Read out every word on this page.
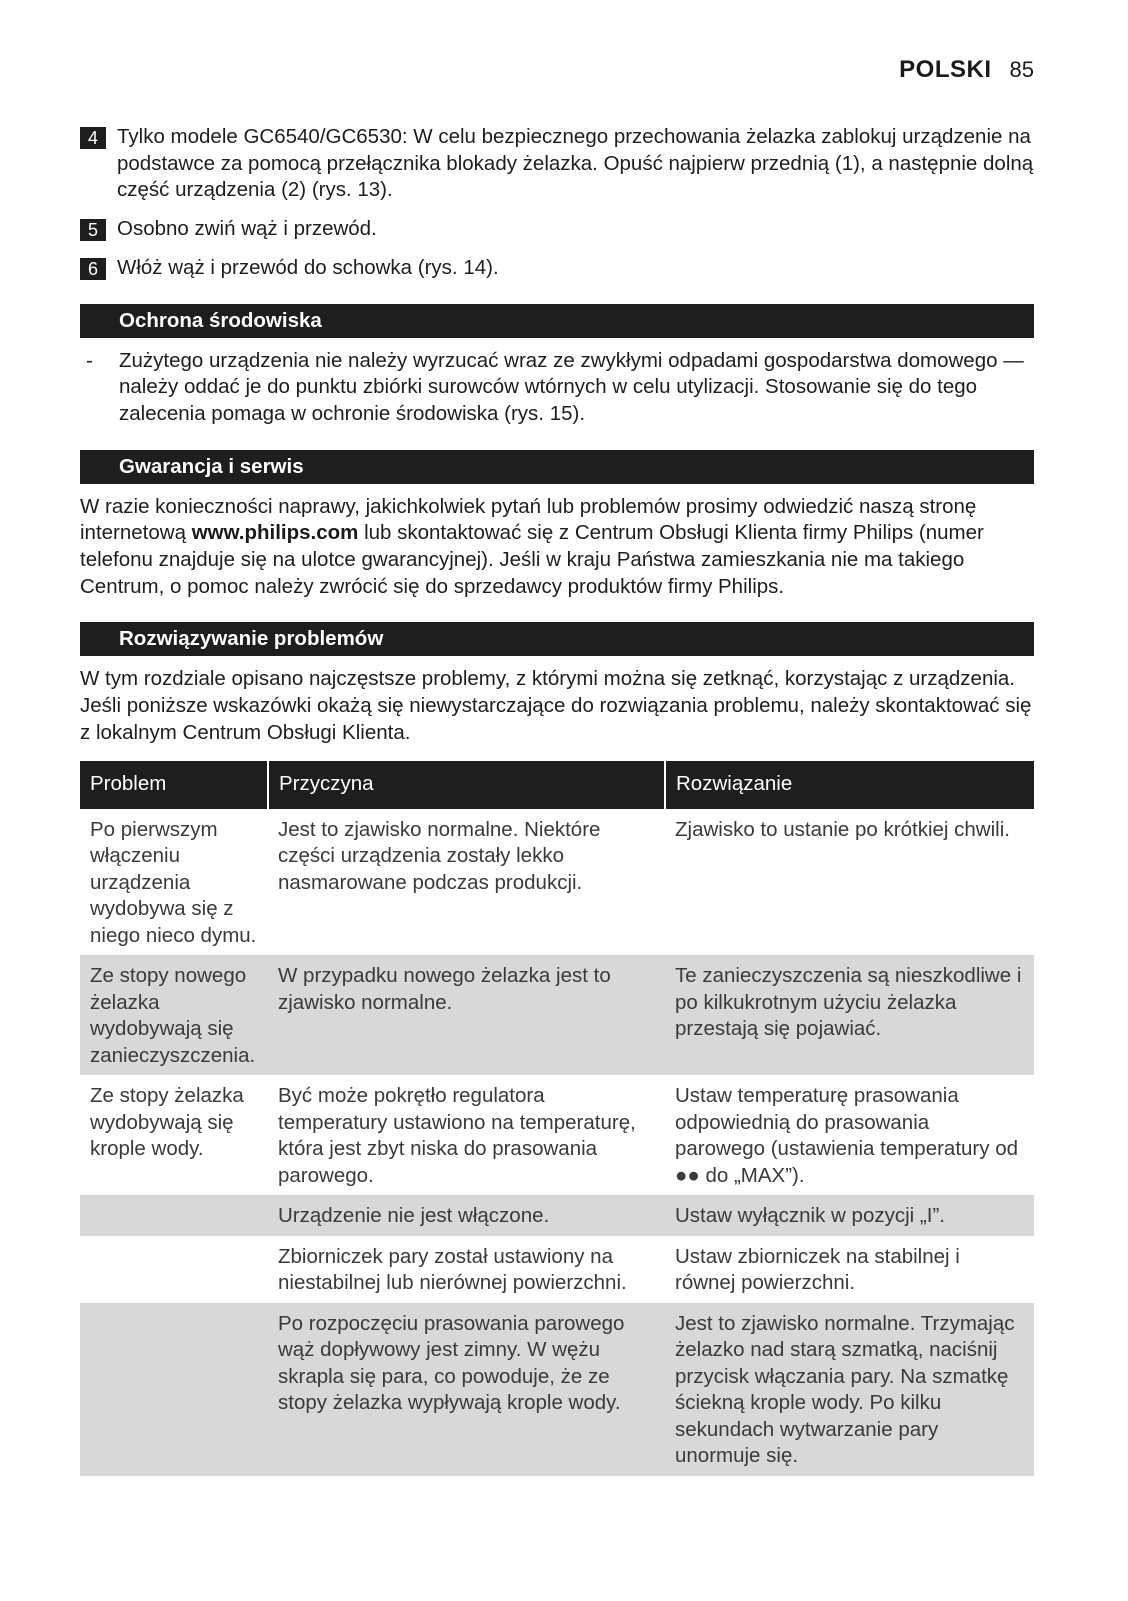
POLSKI 85
4 Tylko modele GC6540/GC6530: W celu bezpiecznego przechowania żelazka zablokuj urządzenie na podstawce za pomocą przełącznika blokady żelazka. Opuść najpierw przednią (1), a następnie dolną część urządzenia (2) (rys. 13).
5 Osobno zwiń wąż i przewód.
6 Włóż wąż i przewód do schowka (rys. 14).
Ochrona środowiska
-	Zużytego urządzenia nie należy wyrzucać wraz ze zwykłymi odpadami gospodarstwa domowego — należy oddać je do punktu zbiórki surowców wtórnych w celu utylizacji. Stosowanie się do tego zalecenia pomaga w ochronie środowiska (rys. 15).
Gwarancja i serwis
W razie konieczności naprawy, jakichkolwiek pytań lub problemów prosimy odwiedzić naszą stronę internetową www.philips.com lub skontaktować się z Centrum Obsługi Klienta firmy Philips (numer telefonu znajduje się na ulotce gwarancyjnej). Jeśli w kraju Państwa zamieszkania nie ma takiego Centrum, o pomoc należy zwrócić się do sprzedawcy produktów firmy Philips.
Rozwiązywanie problemów
W tym rozdziale opisano najczęstsze problemy, z którymi można się zetknąć, korzystając z urządzenia. Jeśli poniższe wskazówki okażą się niewystarczające do rozwiązania problemu, należy skontaktować się z lokalnym Centrum Obsługi Klienta.
Problem	Przyczyna	Rozwiązanie
Po pierwszym włączeniu urządzenia wydobywa się z niego nieco dymu.	Jest to zjawisko normalne. Niektóre części urządzenia zostały lekko nasmarowane podczas produkcji.	Zjawisko to ustanie po krótkiej chwili.
Ze stopy nowego żelazka wydobywają się zanieczyszczenia.	W przypadku nowego żelazka jest to zjawisko normalne.	Te zanieczyszczenia są nieszkodliwe i po kilkukrotnym użyciu żelazka przestają się pojawiać.
Ze stopy żelazka wydobywają się krople wody.	Być może pokrętło regulatora temperatury ustawiono na temperaturę, która jest zbyt niska do prasowania parowego.	Ustaw temperaturę prasowania odpowiednią do prasowania parowego (ustawienia temperatury od ●● do „MAX”).
	Urządzenie nie jest włączone.	Ustaw wyłącznik w pozycji „I”.
	Zbiorniczek pary został ustawiony na niestabilnej lub nierównej powierzchni.	Ustaw zbiorniczek na stabilnej i równej powierzchni.
	Po rozpoczęciu prasowania parowego wąż dopływowy jest zimny. W wężu skrapla się para, co powoduje, że ze stopy żelazka wypływają krople wody.	Jest to zjawisko normalne. Trzymając żelazko nad starą szmatką, naciśnij przycisk włączania pary. Na szmatkę ściekną krople wody. Po kilku sekundach wytwarzanie pary unormuje się.
